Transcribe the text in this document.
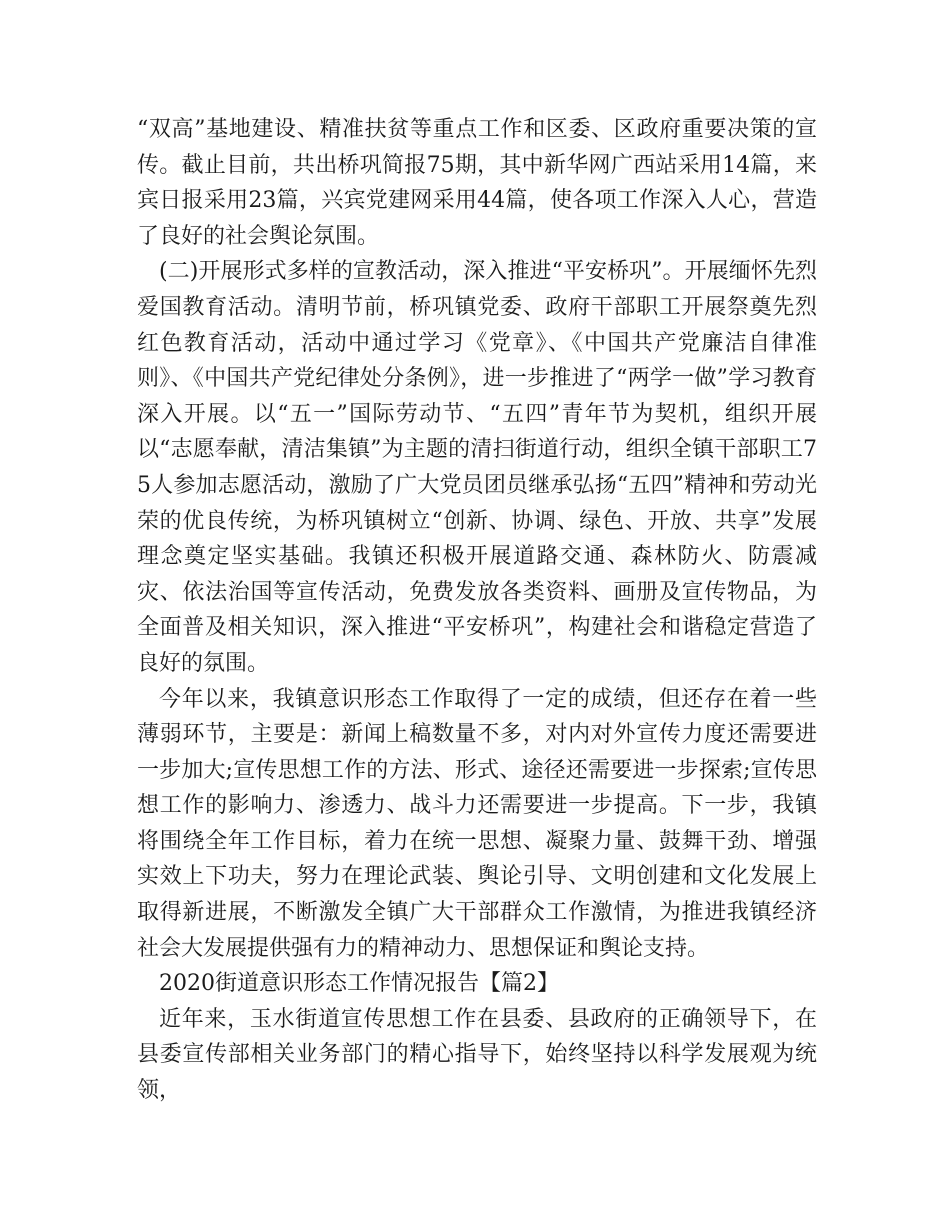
“双高”基地建设、精准扶贫等重点工作和区委、区政府重要决策的宣传。截止目前，共出桥巩简报75期，其中新华网广西站采用14篇，来宾日报采用23篇，兴宾党建网采用44篇，使各项工作深入人心，营造了良好的社会舆论氛围。

(二)开展形式多样的宣教活动，深入推进“平安桥巩”。开展缅怀先烈爱国教育活动。清明节前，桥巩镇党委、政府干部职工开展祭奠先烈红色教育活动，活动中通过学习《党章》、《中国共产党廉洁自律准则》、《中国共产党纪律处分条例》，进一步推进了“两学一做”学习教育深入开展。以“五一”国际劳动节、“五四”青年节为契机，组织开展以“志愿奉献，清洁集镇”为主题的清扫街道行动，组织全镇干部职工75人参加志愿活动，激励了广大党员团员继承弘扬“五四”精神和劳动光荣的优良传统，为桥巩镇树立“创新、协调、绿色、开放、共享”发展理念奠定坚实基础。我镇还积极开展道路交通、森林防火、防震减灾、依法治国等宣传活动，免费发放各类资料、画册及宣传物品，为全面普及相关知识，深入推进“平安桥巩”，构建社会和谐稳定营造了良好的氛围。

今年以来，我镇意识形态工作取得了一定的成绩，但还存在着一些薄弱环节，主要是：新闻上稿数量不多，对内对外宣传力度还需要进一步加大;宣传思想工作的方法、形式、途径还需要进一步探索;宣传思想工作的影响力、渗透力、战斗力还需要进一步提高。下一步，我镇将围绕全年工作目标，着力在统一思想、凝聚力量、鼓舞干劲、增强实效上下功夫，努力在理论武装、舆论引导、文明创建和文化发展上取得新进展，不断激发全镇广大干部群众工作激情，为推进我镇经济社会大发展提供强有力的精神动力、思想保证和舆论支持。

2020街道意识形态工作情况报告【篇2】

近年来，玉水街道宣传思想工作在县委、县政府的正确领导下，在县委宣传部相关业务部门的精心指导下，始终坚持以科学发展观为统领，
